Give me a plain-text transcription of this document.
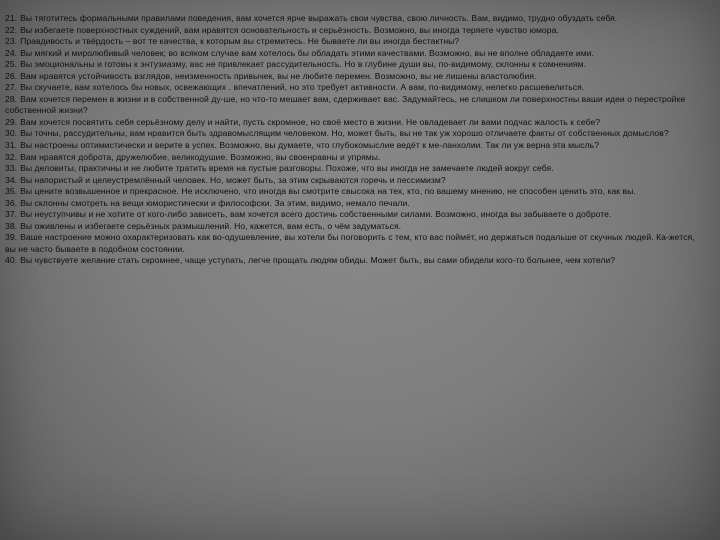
21. Вы тяготитесь формальными правилами поведения, вам хочется ярче выражать свои чувства, свою личность. Вам, видимо, трудно обуздать себя.
22. Вы избегаете поверхностных суждений, вам нравятся основательность и серьёзность. Возможно, вы иногда теряете чувство юмора.
23. Правдивость и твёрдость – вот те качества, к которым вы стремитесь. Не бываете ли вы иногда бестактны?
24. Вы мягкий и миролюбивый человек; во всяком случае вам хотелось бы обладать этими качествами. Возможно, вы не вполне обладаете ими.
25. Вы эмоциональны и готовы к энтузиазму, вас не привлекает рассудительность. Но в глубине души вы, по-видимому, склонны к сомнениям.
26. Вам нравятся устойчивость взглядов, неизменность привычек, вы не любите перемен. Возможно, вы не лишены властолюбия.
27. Вы скучаете, вам хотелось бы новых, освежающих . впечатлений, но это требует активности. А вам, по-видимому, нелегко расшевелиться.
28. Вам хочется перемен в жизни и в собственной ду-ше, но что-то мешает вам, сдерживает вас. Задумайтесь, не слишком ли поверхностны ваши идеи о перестройке собственной жизни?
29. Вам хочется посвятить себя серьёзному делу и найти, пусть скромное, но своё место в жизни. Не овладевает ли вами подчас жалость к себе?
30. Вы точны, рассудительны, вам нравится быть здравомыслящим человеком. Но, может быть, вы не так уж хорошо отличаете факты от собственных домыслов?
31. Вы настроены оптимистически и верите в успех. Возможно, вы думаете, что глубокомыслие ведёт к ме-ланхолии. Так ли уж верна эта мысль?
32. Вам нравятся доброта, дружелюбие, великодушие. Возможно, вы своенравны и упрямы.
33. Вы деловиты, практичны и не любите тратить время на пустые разговоры. Похоже, что вы иногда не замечаете людей вокруг себя.
34. Вы напористый и целеустремлённый человек. Но, может быть, за этим скрываются горечь и пессимизм?
35. Вы цените возвышенное и прекрасное. Не исключено, что иногда вы смотрите свысока на тех, кто, по вашему мнению, не способен ценить это, как вы.
36. Вы склонны смотреть на вещи юмористически и философски. За этим, видимо, немало печали.
37. Вы неуступчивы и не хотите от кого-либо зависеть, вам хочется всего достичь собственными силами. Возможно, иногда вы забываете о доброте.
38. Вы оживлены и избегаете серьёзных размышлений. Но, кажется, вам есть, о чём задуматься.
39. Ваше настроение можно охарактеризовать как во-одушевление, вы хотели бы поговорить с тем, кто вас поймёт, но держаться подальше от скучных людей. Кa-жется, вы не часто бываете в подобном состоянии.
40. Вы чувствуете желание стать скромнее, чаще уступать, легче прощать людям обиды. Может быть, вы сами обидели кого-то больнее, чем хотели?
